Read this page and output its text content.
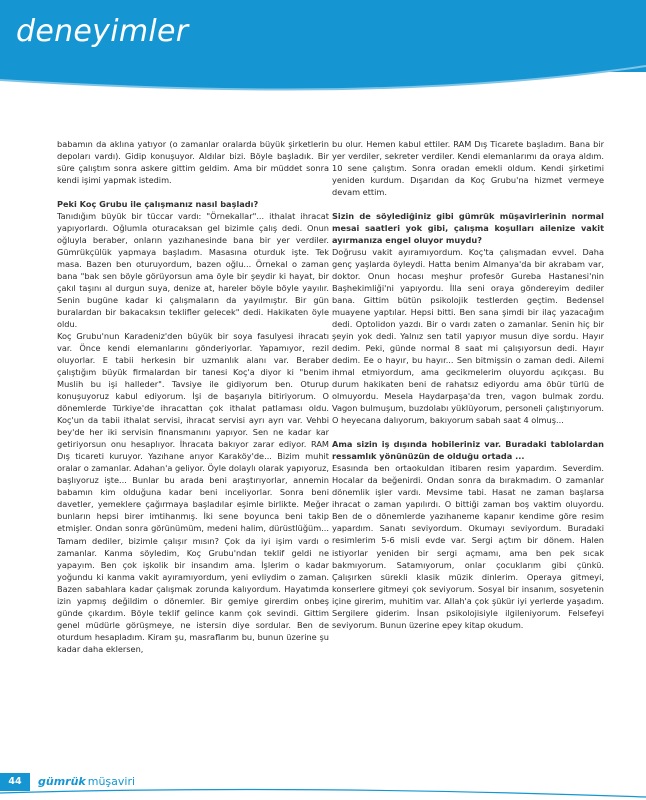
deneyimler

babamın da aklına yatıyor (o zamanlar oralarda büyük şirketlerin depoları vardı). Gidip konuşuyor. Aldılar bizi. Böyle başladık. Bir süre çalıştım sonra askere gittim geldim. Ama bir müddet sonra kendi işimi yapmak istedim.

Peki Koç Grubu ile çalışmanız nasıl başladı?

Tanıdığım büyük bir tüccar vardı: "Örnekallar"... ithalat ihracat yapıyorlardı. Oğlumla oturacaksan gel bizimle çalış dedi. Onun oğluyla beraber, onların yazıhanesinde bana bir yer verdiler. Gümrükçülük yapmaya başladım. Masasına oturduk işte. Tek masa. Bazen ben oturuyordum, bazen oğlu... Örnekal o zaman bana "bak sen böyle görüyorsun ama öyle bir şeydir ki hayat, bir çakıl taşını al durgun suya, denize at, hareler böyle böyle yayılır. Senin bugüne kadar ki çalışmaların da yayılmıştır. Bir gün buralardan bir bakacaksın teklifler gelecek" dedi. Hakikaten öyle oldu.

Koç Grubu'nun Karadeniz'den büyük bir soya fasulyesi ihracatı var. Önce kendi elemanlarını gönderiyorlar. Yapamıyor, rezil oluyorlar. E tabii herkesin bir uzmanlık alanı var. Beraber çalıştığım büyük firmalardan bir tanesi Koç'a diyor ki "benim Muslih bu işi halleder". Tavsiye ile gidiyorum ben. Oturup konuşuyoruz kabul ediyorum. İşi de başarıyla bitiriyorum. O dönemlerde Türkiye'de ihracattan çok ithalat patlaması oldu. Koç'un da tabii ithalat servisi, ihracat servisi ayrı ayrı var. Vehbi bey'de her iki servisin finansmanını yapıyor. Sen ne kadar kar getiriyorsun onu hesaplıyor. İhracata bakıyor zarar ediyor. RAM Dış ticareti kuruyor. Yazıhane arıyor Karaköy'de... Bizim muhit oralar o zamanlar. Adahan'a geliyor. Öyle dolaylı olarak yapıyoruz, başlıyoruz işte... Bunlar bu arada beni araştırıyorlar, annemin babamın kim olduğuna kadar beni inceliyorlar. Sonra beni davetler, yemeklere çağırmaya başladılar eşimle birlikte. Meğer bunların hepsi birer imtihanmış. İki sene boyunca beni takip etmişler. Ondan sonra görünümüm, medeni halim, dürüstlüğüm... Tamam dediler, bizimle çalışır mısın? Çok da iyi işim vardı o zamanlar. Kanma söyledim, Koç Grubu'ndan teklif geldi ne yapayım. Ben çok işkolik bir insandım ama. İşlerim o kadar yoğundu ki kanma vakit ayıramıyordum, yeni evliydim o zaman. Bazen sabahlara kadar çalışmak zorunda kalıyordum. Hayatımda izin yapmış değildim o dönemler. Bir gemiye girerdim onbeş günde çıkardım. Böyle teklif gelince kanm çok sevindi. Gittim genel müdürle görüşmeye, ne istersin diye sordular. Ben de oturdum hesapladım. Kiram şu, masraflarım bu, bunun üzerine şu kadar daha eklersen,

bu olur. Hemen kabul ettiler. RAM Dış Ticarete başladım. Bana bir yer verdiler, sekreter verdiler. Kendi elemanlarımı da oraya aldım. 10 sene çalıştım. Sonra oradan emekli oldum. Kendi şirketimi yeniden kurdum. Dışarıdan da Koç Grubu'na hizmet vermeye devam ettim.

Sizin de söylediğiniz gibi gümrük müşavirlerinin normal mesai saatleri yok gibi, çalışma koşulları ailenize vakit ayırmanıza engel oluyor muydu?

Doğrusu vakit ayıramıyordum. Koç'ta çalışmadan evvel. Daha genç yaşlarda öyleydi. Hatta benim Almanya'da bir akrabam var, doktor. Onun hocası meşhur profesör Gureba Hastanesi'nin Başhekimliği'ni yapıyordu. İlla seni oraya göndereyim dediler bana. Gittim bütün psikolojik testlerden geçtim. Bedensel muayene yaptılar. Hepsi bitti. Ben sana şimdi bir ilaç yazacağım dedi. Optolidon yazdı. Bir o vardı zaten o zamanlar. Senin hiç bir şeyin yok dedi. Yalnız sen tatil yapıyor musun diye sordu. Hayır dedim. Peki, günde normal 8 saat mi çalışıyorsun dedi. Hayır dedim. Ee o hayır, bu hayır... Sen bitmişsin o zaman dedi. Ailemi ihmal etmiyordum, ama gecikmelerim oluyordu açıkçası. Bu durum hakikaten beni de rahatsız ediyordu ama öbür türlü de olmuyordu. Mesela Haydarpaşa'da tren, vagon bulmak zordu. Vagon bulmuşum, buzdolabı yüklüyorum, personeli çalıştırıyorum. O heyecana dalıyorum, bakıyorum sabah saat 4 olmuş...

Ama sizin iş dışında hobileriniz var. Buradaki tablolardan ressamlık yönünüzün de olduğu ortada ...

Esasında ben ortaokuldan itibaren resim yapardım. Severdim. Hocalar da beğenirdi. Ondan sonra da bırakmadım. O zamanlar dönemlik işler vardı. Mevsime tabi. Hasat ne zaman başlarsa ihracat o zaman yapılırdı. O bittiği zaman boş vaktim oluyordu. Ben de o dönemlerde yazıhaneme kapanır kendime göre resim yapardım. Sanatı seviyordum. Okumayı seviyordum. Buradaki resimlerim 5-6 misli evde var. Sergi açtım bir dönem. Halen istiyorlar yeniden bir sergi açmamı, ama ben pek sıcak bakmıyorum. Satamıyorum, onlar çocuklarım gibi çünkü. Çalışırken sürekli klasik müzik dinlerim. Operaya gitmeyi, konserlere gitmeyi çok seviyorum. Sosyal bir insanım, sosyetenin içine girerim, muhitim var. Allah'a çok şükür iyi yerlerde yaşadım. Sergilere giderim. İnsan psikolojisiyle ilgileniyorum. Felsefeyi seviyorum. Bunun üzerine epey kitap okudum.

44	gümrük müşaviri
